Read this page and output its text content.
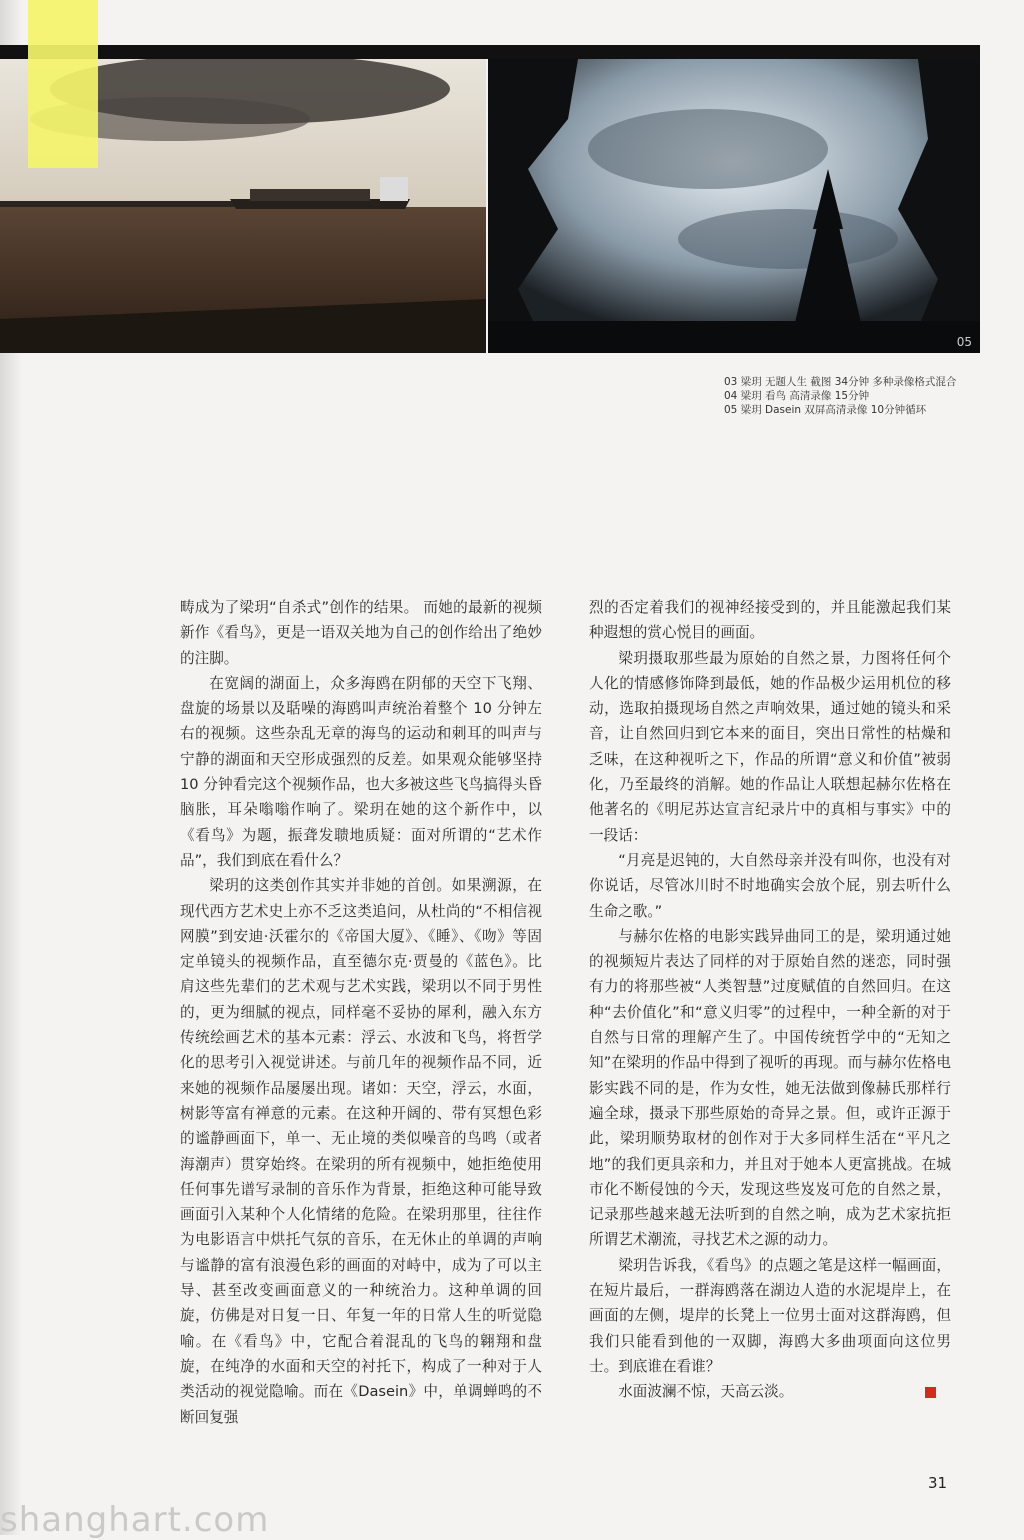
05
03 梁玥 无题人生 截图 34分钟 多种录像格式混合
04 梁玥 看鸟 高清录像 15分钟
05 梁玥 Dasein 双屏高清录像 10分钟循环

畴成为了梁玥“自杀式”创作的结果。 而她的最新的视频新作《看鸟》，更是一语双关地为自己的创作给出了绝妙的注脚。

在宽阔的湖面上，众多海鸥在阴郁的天空下飞翔、盘旋的场景以及聒噪的海鸥叫声统治着整个 10 分钟左右的视频。这些杂乱无章的海鸟的运动和刺耳的叫声与宁静的湖面和天空形成强烈的反差。如果观众能够坚持 10 分钟看完这个视频作品，也大多被这些飞鸟搞得头昏脑胀，耳朵嗡嗡作响了。梁玥在她的这个新作中，以《看鸟》为题，振聋发聩地质疑：面对所谓的“艺术作品”，我们到底在看什么？

梁玥的这类创作其实并非她的首创。如果溯源，在现代西方艺术史上亦不乏这类追问，从杜尚的“不相信视网膜”到安迪·沃霍尔的《帝国大厦》、《睡》、《吻》等固定单镜头的视频作品，直至德尔克·贾曼的《蓝色》。比肩这些先辈们的艺术观与艺术实践，梁玥以不同于男性的，更为细腻的视点，同样毫不妥协的犀利，融入东方传统绘画艺术的基本元素：浮云、水波和飞鸟，将哲学化的思考引入视觉讲述。与前几年的视频作品不同，近来她的视频作品屡屡出现。诸如：天空，浮云，水面，树影等富有禅意的元素。在这种开阔的、带有冥想色彩的谧静画面下，单一、无止境的类似噪音的鸟鸣（或者海潮声）贯穿始终。在梁玥的所有视频中，她拒绝使用任何事先谱写录制的音乐作为背景，拒绝这种可能导致画面引入某种个人化情绪的危险。在梁玥那里，往往作为电影语言中烘托气氛的音乐，在无休止的单调的声响与谧静的富有浪漫色彩的画面的对峙中，成为了可以主导、甚至改变画面意义的一种统治力。这种单调的回旋，仿佛是对日复一日、年复一年的日常人生的听觉隐喻。在《看鸟》中，它配合着混乱的飞鸟的翱翔和盘旋，在纯净的水面和天空的衬托下，构成了一种对于人类活动的视觉隐喻。而在《Dasein》中，单调蝉鸣的不断回复强

烈的否定着我们的视神经接受到的，并且能激起我们某种遐想的赏心悦目的画面。

梁玥摄取那些最为原始的自然之景，力图将任何个人化的情感修饰降到最低，她的作品极少运用机位的移动，选取拍摄现场自然之声响效果，通过她的镜头和采音，让自然回归到它本来的面目，突出日常性的枯燥和乏味，在这种视听之下，作品的所谓“意义和价值”被弱化，乃至最终的消解。她的作品让人联想起赫尔佐格在他著名的《明尼苏达宣言纪录片中的真相与事实》中的一段话：

“月亮是迟钝的，大自然母亲并没有叫你，也没有对你说话，尽管冰川时不时地确实会放个屁，别去听什么生命之歌。”

与赫尔佐格的电影实践异曲同工的是，梁玥通过她的视频短片表达了同样的对于原始自然的迷恋，同时强有力的将那些被“人类智慧”过度赋值的自然回归。在这种“去价值化”和“意义归零”的过程中，一种全新的对于自然与日常的理解产生了。中国传统哲学中的“无知之知”在梁玥的作品中得到了视听的再现。而与赫尔佐格电影实践不同的是，作为女性，她无法做到像赫氏那样行遍全球，摄录下那些原始的奇异之景。但，或许正源于此，梁玥顺势取材的创作对于大多同样生活在“平凡之地”的我们更具亲和力，并且对于她本人更富挑战。在城市化不断侵蚀的今天，发现这些岌岌可危的自然之景，记录那些越来越无法听到的自然之响，成为艺术家抗拒所谓艺术潮流，寻找艺术之源的动力。

梁玥告诉我，《看鸟》的点题之笔是这样一幅画面，在短片最后，一群海鸥落在湖边人造的水泥堤岸上，在画面的左侧，堤岸的长凳上一位男士面对这群海鸥，但我们只能看到他的一双脚，海鸥大多曲项面向这位男士。到底谁在看谁？

水面波澜不惊，天高云淡。

31
shanghart.com
